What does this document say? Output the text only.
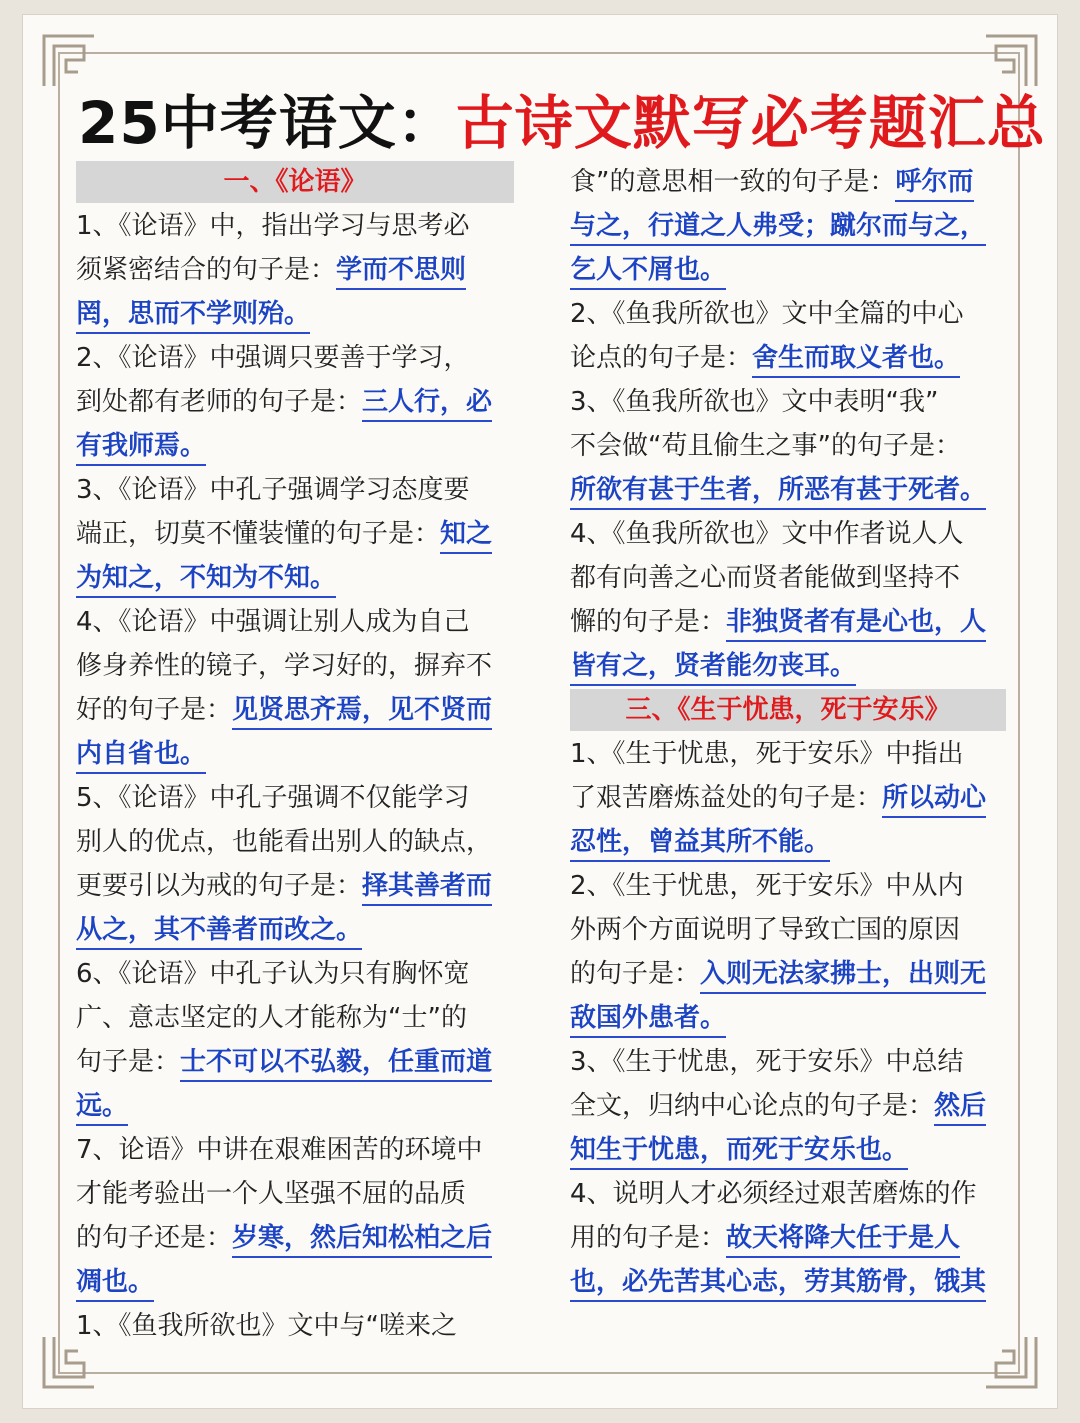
25中考语文：古诗文默写必考题汇总
一、《论语》
1、《论语》中，指出学习与思考必
须紧密结合的句子是：学而不思则
罔，思而不学则殆。
2、《论语》中强调只要善于学习，
到处都有老师的句子是：三人行，必
有我师焉。
3、《论语》中孔子强调学习态度要
端正，切莫不懂装懂的句子是：知之
为知之，不知为不知。
4、《论语》中强调让别人成为自己
修身养性的镜子，学习好的，摒弃不
好的句子是：见贤思齐焉，见不贤而
内自省也。
5、《论语》中孔子强调不仅能学习
别人的优点，也能看出别人的缺点，
更要引以为戒的句子是：择其善者而
从之，其不善者而改之。
6、《论语》中孔子认为只有胸怀宽
广、意志坚定的人才能称为“士”的
句子是：士不可以不弘毅，任重而道
远。
7、论语》中讲在艰难困苦的环境中
才能考验出一个人坚强不屈的品质
的句子还是：岁寒，然后知松柏之后
凋也。
1、《鱼我所欲也》文中与“嗟来之
食”的意思相一致的句子是：呼尔而
与之，行道之人弗受；蹴尔而与之，
乞人不屑也。
2、《鱼我所欲也》文中全篇的中心
论点的句子是：舍生而取义者也。
3、《鱼我所欲也》文中表明“我”
不会做“苟且偷生之事”的句子是：
所欲有甚于生者，所恶有甚于死者。
4、《鱼我所欲也》文中作者说人人
都有向善之心而贤者能做到坚持不
懈的句子是：非独贤者有是心也，人
皆有之，贤者能勿丧耳。
三、《生于忧患，死于安乐》
1、《生于忧患，死于安乐》中指出
了艰苦磨炼益处的句子是：所以动心
忍性，曾益其所不能。
2、《生于忧患，死于安乐》中从内
外两个方面说明了导致亡国的原因
的句子是：入则无法家拂士，出则无
敌国外患者。
3、《生于忧患，死于安乐》中总结
全文，归纳中心论点的句子是：然后
知生于忧患，而死于安乐也。
4、说明人才必须经过艰苦磨炼的作
用的句子是：故天将降大任于是人
也，必先苦其心志，劳其筋骨，饿其
